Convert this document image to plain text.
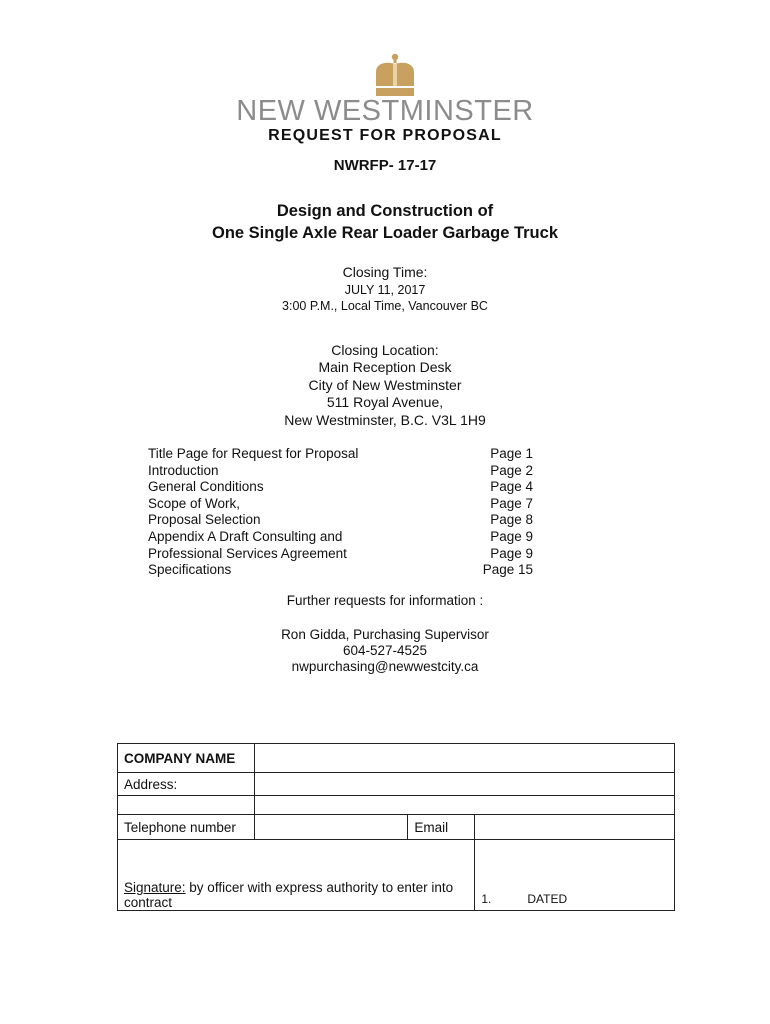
NEW WESTMINSTER
REQUEST FOR PROPOSAL
NWRFP- 17-17
Design and Construction of
One Single Axle Rear Loader Garbage Truck
Closing Time:
JULY 11, 2017
3:00 P.M., Local Time, Vancouver BC
Closing Location:
Main Reception Desk
City of New Westminster
511 Royal Avenue,
New Westminster, B.C. V3L 1H9
Title Page for Request for Proposal	Page 1
Introduction	Page 2
General Conditions	Page 4
Scope of Work,	Page 7
Proposal Selection	Page 8
Appendix A Draft Consulting and	Page 9
Professional Services Agreement	Page 9
Specifications	Page 15
Further requests for information :
Ron Gidda, Purchasing Supervisor
604-527-4525
nwpurchasing@newwestcity.ca
COMPANY NAME			
Address:			

Telephone number		Email	
Signature: by officer with express authority to enter into contract			1. DATED
